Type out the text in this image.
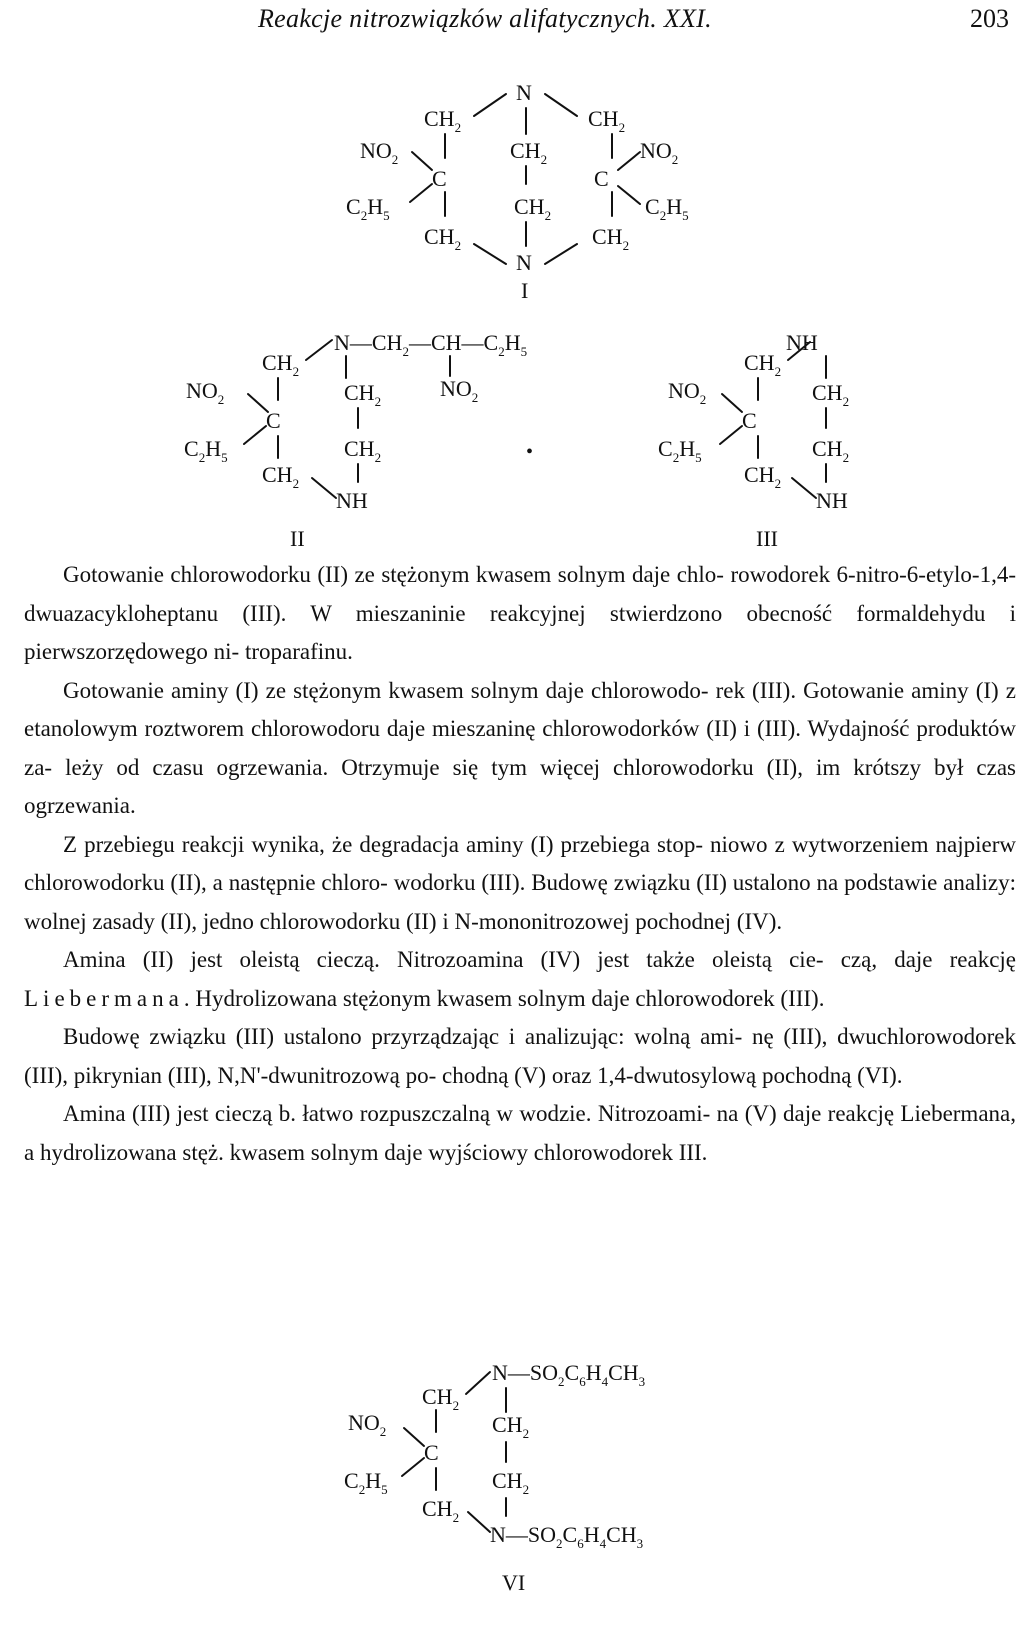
Reakcje nitrozwiązków alifatycznych. XXI.	203
N
$CH_2$	$CH_2$
$NO_2$	$CH_2$	$NO_2$
C	C
$C_2H_5$	$CH_2$	$C_2H_5$
$CH_2$	$CH_2$
N
I
$N—CH_2—CH—C_2H_5$
$CH_2$
$NO_2$	$CH_2$
$NO_2$
C
$C_2H_5$	$CH_2$
$CH_2$
NH
II
•
NH
$CH_2$
$NO_2$	$CH_2$
C
$C_2H_5$	$CH_2$
$CH_2$
NH
III

Gotowanie chlorowodorku (II) ze stężonym kwasem solnym daje chlo- rowodorek 6-nitro-6-etylo-1,4-dwuazacykloheptanu (III). W mieszaninie reakcyjnej stwierdzono obecność formaldehydu i pierwszorzędowego ni- troparafinu.

Gotowanie aminy (I) ze stężonym kwasem solnym daje chlorowodo- rek (III). Gotowanie aminy (I) z etanolowym roztworem chlorowodoru daje mieszaninę chlorowodorków (II) i (III). Wydajność produktów za- leży od czasu ogrzewania. Otrzymuje się tym więcej chlorowodorku (II), im krótszy był czas ogrzewania.

Z przebiegu reakcji wynika, że degradacja aminy (I) przebiega stop- niowo z wytworzeniem najpierw chlorowodorku (II), a następnie chloro- wodorku (III). Budowę związku (II) ustalono na podstawie analizy: wolnej zasady (II), jedno chlorowodorku (II) i N-mononitrozowej pochodnej (IV).

Amina (II) jest oleistą cieczą. Nitrozoamina (IV) jest także oleistą cie- czą, daje reakcję Liebermana. Hydrolizowana stężonym kwasem solnym daje chlorowodorek (III).

Budowę związku (III) ustalono przyrządzając i analizując: wolną ami- nę (III), dwuchlorowodorek (III), pikrynian (III), N,N'-dwunitrozową po- chodną (V) oraz 1,4-dwutosylową pochodną (VI).

Amina (III) jest cieczą b. łatwo rozpuszczalną w wodzie. Nitrozoami- na (V) daje reakcję Liebermana, a hydrolizowana stęż. kwasem solnym daje wyjściowy chlorowodorek III.

$N—SO_2C_6H_4CH_3$
$CH_2$
$NO_2$	$CH_2$
C
$C_2H_5$	$CH_2$
$CH_2$
$N—SO_2C_6H_4CH_3$
VI
